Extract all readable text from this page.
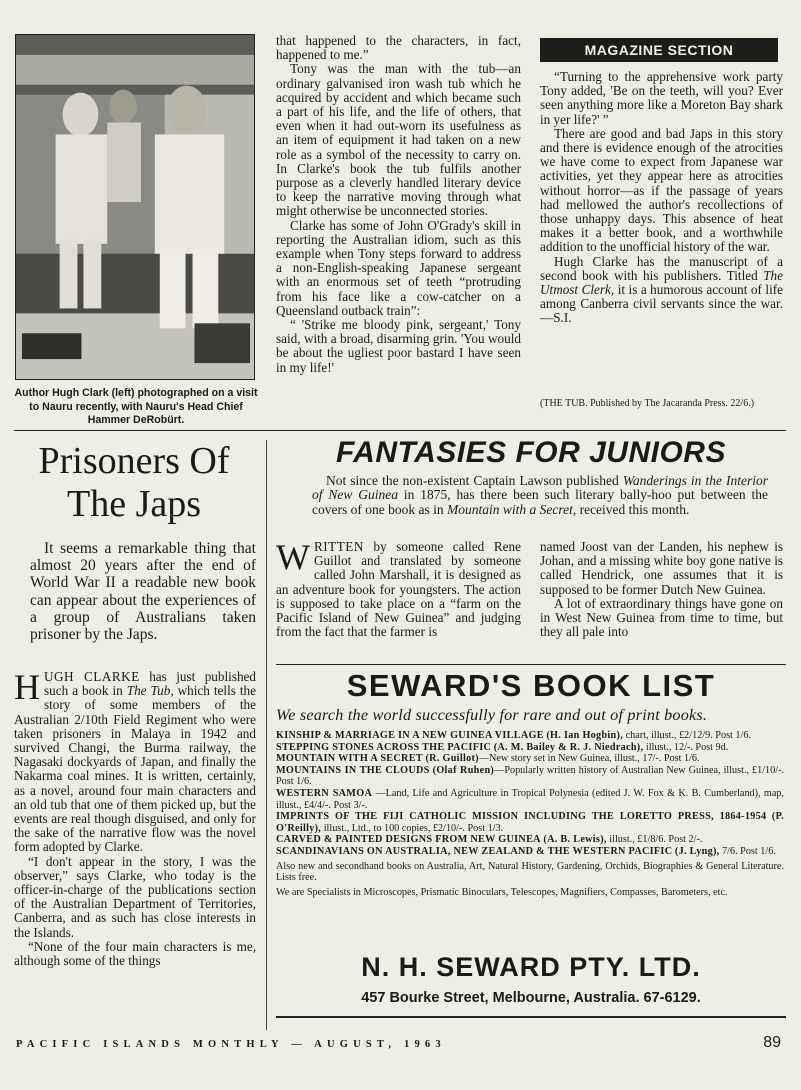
Author Hugh Clark (left) photographed on a visit to Nauru recently, with Nauru's Head Chief Hammer DeRobürt.

that happened to the characters, in fact, happened to me.”

Tony was the man with the tub—an ordinary galvanised iron wash tub which he acquired by accident and which became such a part of his life, and the life of others, that even when it had out-worn its usefulness as an item of equipment it had taken on a new role as a symbol of the necessity to carry on. In Clarke's book the tub fulfils another purpose as a cleverly handled literary device to keep the narrative moving through what might otherwise be unconnected stories.

Clarke has some of John O'Grady's skill in reporting the Australian idiom, such as this example when Tony steps forward to address a non-English-speaking Japanese sergeant with an enormous set of teeth “protruding from his face like a cow-catcher on a Queensland outback train”:

“ 'Strike me bloody pink, sergeant,' Tony said, with a broad, disarming grin. 'You would be about the ugliest poor bastard I have seen in my life!'

MAGAZINE SECTION

“Turning to the apprehensive work party Tony added, 'Be on the teeth, will you? Ever seen anything more like a Moreton Bay shark in yer life?' ”

There are good and bad Japs in this story and there is evidence enough of the atrocities we have come to expect from Japanese war activities, yet they appear here as atrocities without horror—as if the passage of years had mellowed the author's recollections of those unhappy days. This absence of heat makes it a better book, and a worthwhile addition to the unofficial history of the war.

Hugh Clarke has the manuscript of a second book with his publishers. Titled The Utmost Clerk, it is a humorous account of life among Canberra civil servants since the war.—S.I.

(THE TUB. Published by The Jacaranda Press. 22/6.)
Prisoners Of
The Japs
It seems a remarkable thing that almost 20 years after the end of World War II a readable new book can appear about the experiences of a group of Australians taken prisoner by the Japs.

HUGH CLARKE has just published such a book in The Tub, which tells the story of some members of the Australian 2/10th Field Regiment who were taken prisoners in Malaya in 1942 and survived Changi, the Burma railway, the Nagasaki dockyards of Japan, and finally the Nakarma coal mines. It is written, certainly, as a novel, around four main characters and an old tub that one of them picked up, but the events are real though disguised, and only for the sake of the narrative flow was the novel form adopted by Clarke.

“I don't appear in the story, I was the observer,” says Clarke, who today is the officer-in-charge of the publications section of the Australian Department of Territories, Canberra, and as such has close interests in the Islands.

“None of the four main characters is me, although some of the things

FANTASIES FOR JUNIORS
Not since the non-existent Captain Lawson published Wanderings in the Interior of New Guinea in 1875, has there been such literary bally-hoo put between the covers of one book as in Mountain with a Secret, received this month.

WRITTEN by someone called Rene Guillot and translated by someone called John Marshall, it is designed as an adventure book for youngsters. The action is supposed to take place on a “farm on the Pacific Island of New Guinea” and judging from the fact that the farmer is

named Joost van der Landen, his nephew is Johan, and a missing white boy gone native is called Hendrick, one assumes that it is supposed to be former Dutch New Guinea.

A lot of extraordinary things have gone on in West New Guinea from time to time, but they all pale into

SEWARD'S BOOK LIST
We search the world successfully for rare and out of print books.
KINSHIP & MARRIAGE IN A NEW GUINEA VILLAGE (H. Ian Hogbin), chart, illust., £2/12/9. Post 1/6.
STEPPING STONES ACROSS THE PACIFIC (A. M. Bailey & R. J. Niedrach), illust., 12/-. Post 9d.
MOUNTAIN WITH A SECRET (R. Guillot)—New story set in New Guinea, illust., 17/-. Post 1/6.
MOUNTAINS IN THE CLOUDS (Olaf Ruhen)—Popularly written history of Australian New Guinea, illust., £1/10/-. Post 1/6.
WESTERN SAMOA —Land, Life and Agriculture in Tropical Polynesia (edited J. W. Fox & K. B. Cumberland), map, illust., £4/4/-. Post 3/-.
IMPRINTS OF THE FIJI CATHOLIC MISSION INCLUDING THE LORETTO PRESS, 1864-1954 (P. O'Reilly), illust., Ltd., to 100 copies, £2/10/-. Post 1/3.
CARVED & PAINTED DESIGNS FROM NEW GUINEA (A. B. Lewis), illust., £1/8/6. Post 2/-.
SCANDINAVIANS ON AUSTRALIA, NEW ZEALAND & THE WESTERN PACIFIC (J. Lyng), 7/6. Post 1/6.
Also new and secondhand books on Australia, Art, Natural History, Gardening, Orchids, Biographies & General Literature. Lists free.
We are Specialists in Microscopes, Prismatic Binoculars, Telescopes, Magnifiers, Compasses, Barometers, etc.
N. H. SEWARD PTY. LTD.
457 Bourke Street, Melbourne, Australia. 67-6129.
PACIFIC ISLANDS MONTHLY — AUGUST, 1963	89
